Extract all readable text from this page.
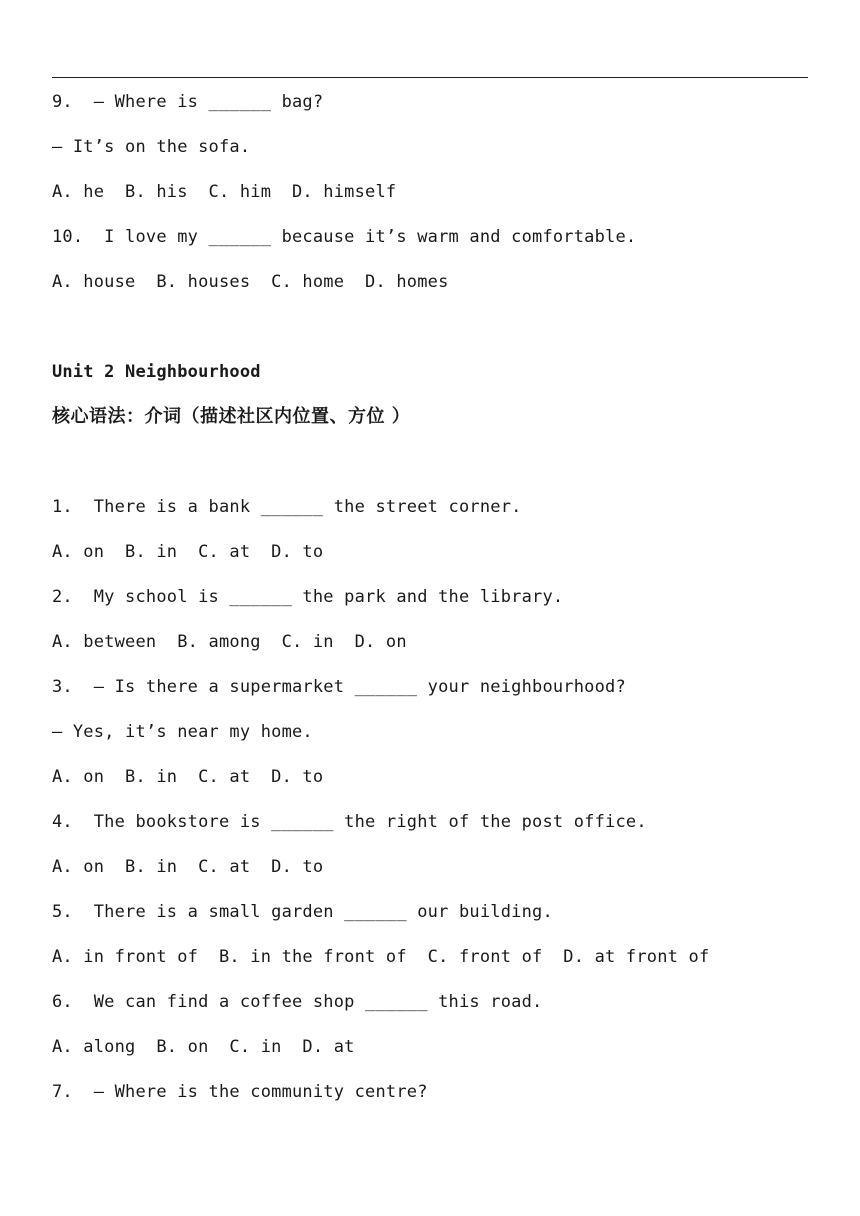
9.  — Where is ______ bag?
— It’s on the sofa.
A. he  B. his  C. him  D. himself
10.  I love my ______ because it’s warm and comfortable.
A. house  B. houses  C. home  D. homes
Unit 2 Neighbourhood
核心语法：介词（描述社区内位置、方位 ）
1.  There is a bank ______ the street corner.
A. on  B. in  C. at  D. to
2.  My school is ______ the park and the library.
A. between  B. among  C. in  D. on
3.  — Is there a supermarket ______ your neighbourhood?
— Yes, it’s near my home.
A. on  B. in  C. at  D. to
4.  The bookstore is ______ the right of the post office.
A. on  B. in  C. at  D. to
5.  There is a small garden ______ our building.
A. in front of  B. in the front of  C. front of  D. at front of
6.  We can find a coffee shop ______ this road.
A. along  B. on  C. in  D. at
7.  — Where is the community centre?
